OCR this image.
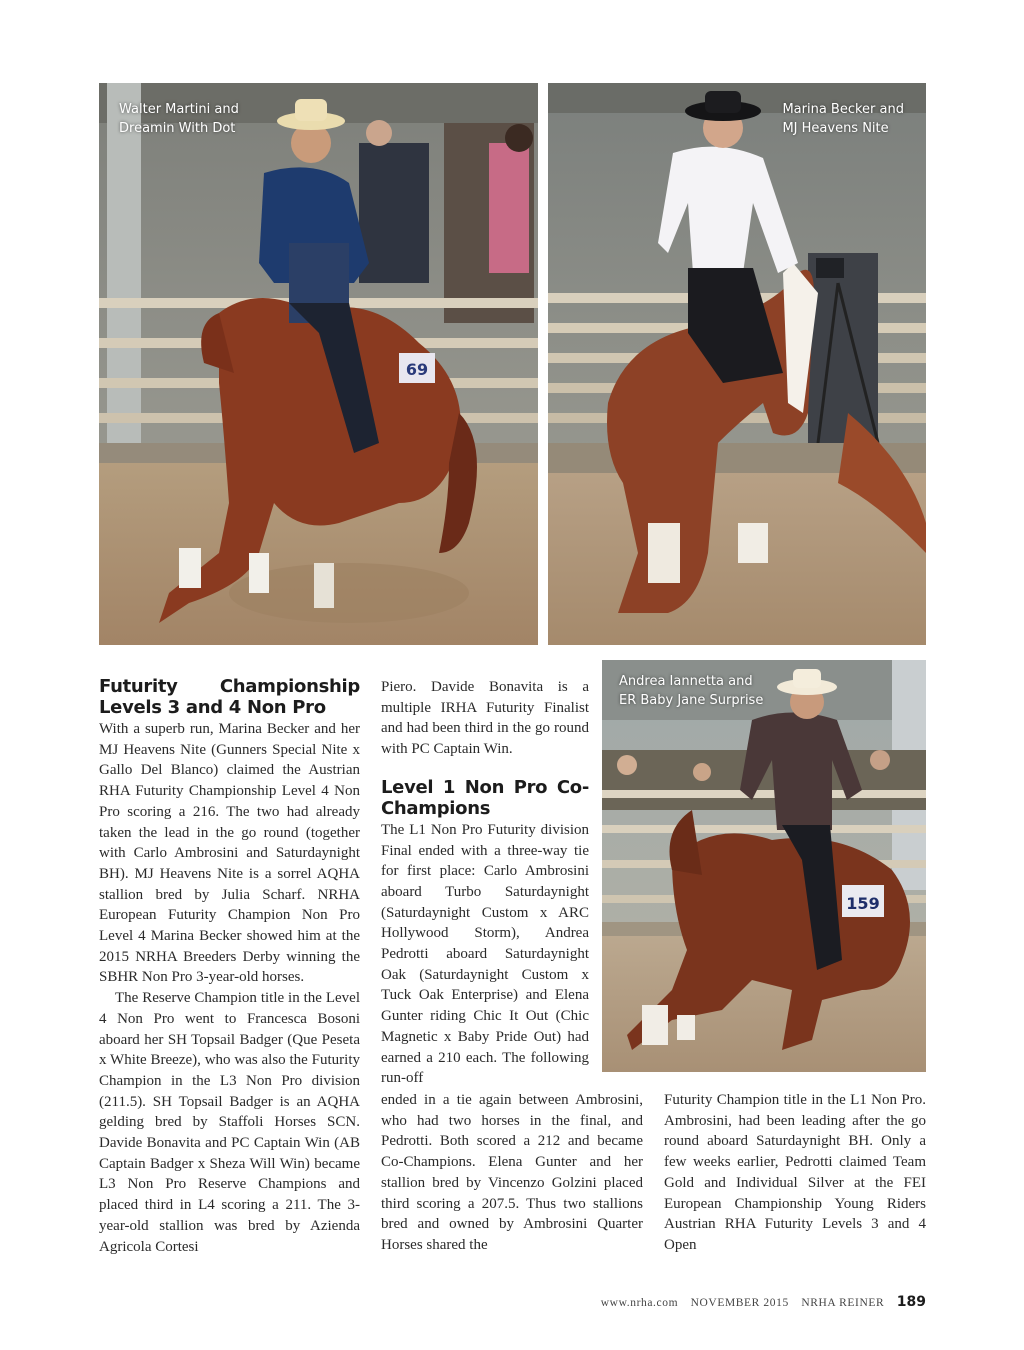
69
Walter Martini and
Dreamin With Dot
Marina Becker and
MJ Heavens Nite
159
Andrea Iannetta and
ER Baby Jane Surprise
Futurity Championship Levels 3 and 4 Non Pro

With a superb run, Marina Becker and her MJ Heavens Nite (Gunners Special Nite x Gallo Del Blanco) claimed the Austrian RHA Futurity Championship Level 4 Non Pro scoring a 216. The two had already taken the lead in the go round (together with Carlo Ambrosini and Saturdaynight BH). MJ Heavens Nite is a sorrel AQHA stallion bred by Julia Scharf. NRHA European Futurity Champion Non Pro Level 4 Marina Becker showed him at the 2015 NRHA Breeders Derby winning the SBHR Non Pro 3-year-old horses.

The Reserve Champion title in the Level 4 Non Pro went to Francesca Bosoni aboard her SH Topsail Badger (Que Peseta x White Breeze), who was also the Futurity Champion in the L3 Non Pro division (211.5). SH Topsail Badger is an AQHA gelding bred by Staffoli Horses SCN. Davide Bonavita and PC Captain Win (AB Captain Badger x Sheza Will Win) became L3 Non Pro Reserve Champions and placed third in L4 scoring a 211. The 3-year-old stallion was bred by Azienda Agricola Cortesi

Piero. Davide Bonavita is a multiple IRHA Futurity Finalist and had been third in the go round with PC Captain Win.

Level 1 Non Pro Co-Champions

The L1 Non Pro Futurity division Final ended with a three-way tie for first place: Carlo Ambrosini aboard Turbo Saturdaynight (Saturdaynight Custom x ARC Hollywood Storm), Andrea Pedrotti aboard Saturdaynight Oak (Saturdaynight Custom x Tuck Oak Enterprise) and Elena Gunter riding Chic It Out (Chic Magnetic x Baby Pride Out) had earned a 210 each. The following run-off

ended in a tie again between Ambrosini, who had two horses in the final, and Pedrotti. Both scored a 212 and became Co-Champions. Elena Gunter and her stallion bred by Vincenzo Golzini placed third scoring a 207.5. Thus two stallions bred and owned by Ambrosini Quarter Horses shared the

Futurity Champion title in the L1 Non Pro. Ambrosini, had been leading after the go round aboard Saturdaynight BH. Only a few weeks earlier, Pedrotti claimed Team Gold and Individual Silver at the FEI European Championship Young Riders Austrian RHA Futurity Levels 3 and 4 Open

www.nrha.com NOVEMBER 2015 NRHA REINER 189
